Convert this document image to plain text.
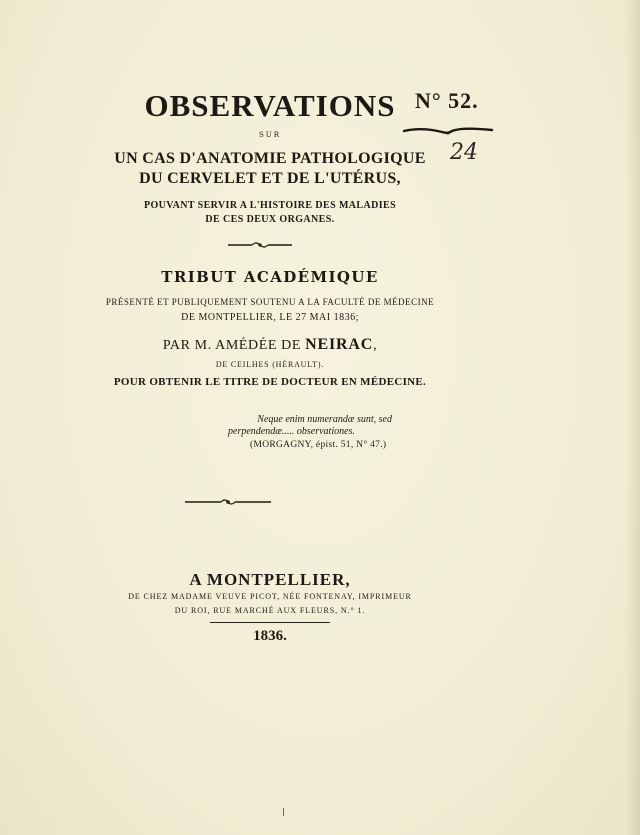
OBSERVATIONS
SUR
UN CAS D'ANATOMIE PATHOLOGIQUE
DU CERVELET ET DE L'UTÉRUS,
POUVANT SERVIR A L'HISTOIRE DES MALADIES
DE CES DEUX ORGANES.
TRIBUT ACADÉMIQUE
PRÉSENTÉ ET PUBLIQUEMENT SOUTENU A LA FACULTÉ DE MÉDECINE
DE MONTPELLIER, LE 27 MAI 1836;
PAR M. AMÉDÉE DE NEIRAC,
DE CEILHES (HÉRAULT).
POUR OBTENIR LE TITRE DE DOCTEUR EN MÉDECINE.
Neque enim numerandæ sunt, sed
perpendendæ..... observationes.
(MORGAGNY, épist. 51, N° 47.)
A MONTPELLIER,
DE CHEZ MADAME VEUVE PICOT, NÉE FONTENAY, IMPRIMEUR
DU ROI, RUE MARCHÉ AUX FLEURS, N.° 1.
1836.
N° 52.
24
